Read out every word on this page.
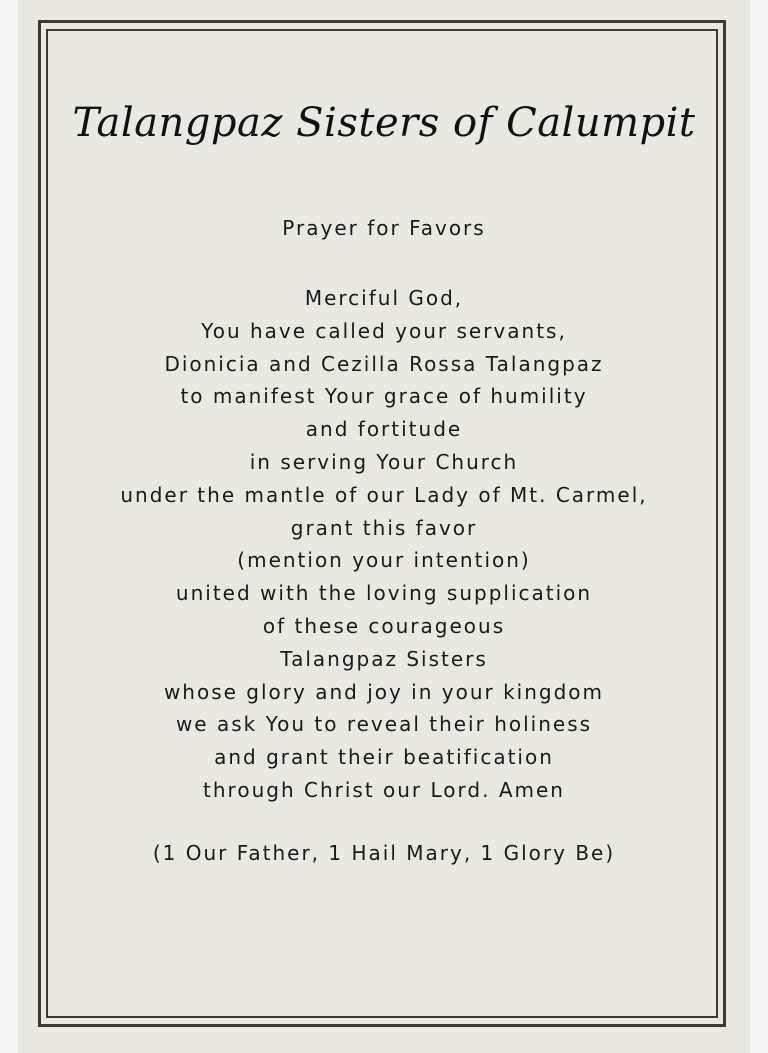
Talangpaz Sisters of Calumpit
Prayer for Favors
Merciful God,
You have called your servants,
Dionicia and Cezilla Rossa Talangpaz
to manifest Your grace of humility
and fortitude
in serving Your Church
under the mantle of our Lady of Mt. Carmel,
grant this favor
(mention your intention)
united with the loving supplication
of these courageous
Talangpaz Sisters
whose glory and joy in your kingdom
we ask You to reveal their holiness
and grant their beatification
through Christ our Lord. Amen
(1 Our Father, 1 Hail Mary, 1 Glory Be)
